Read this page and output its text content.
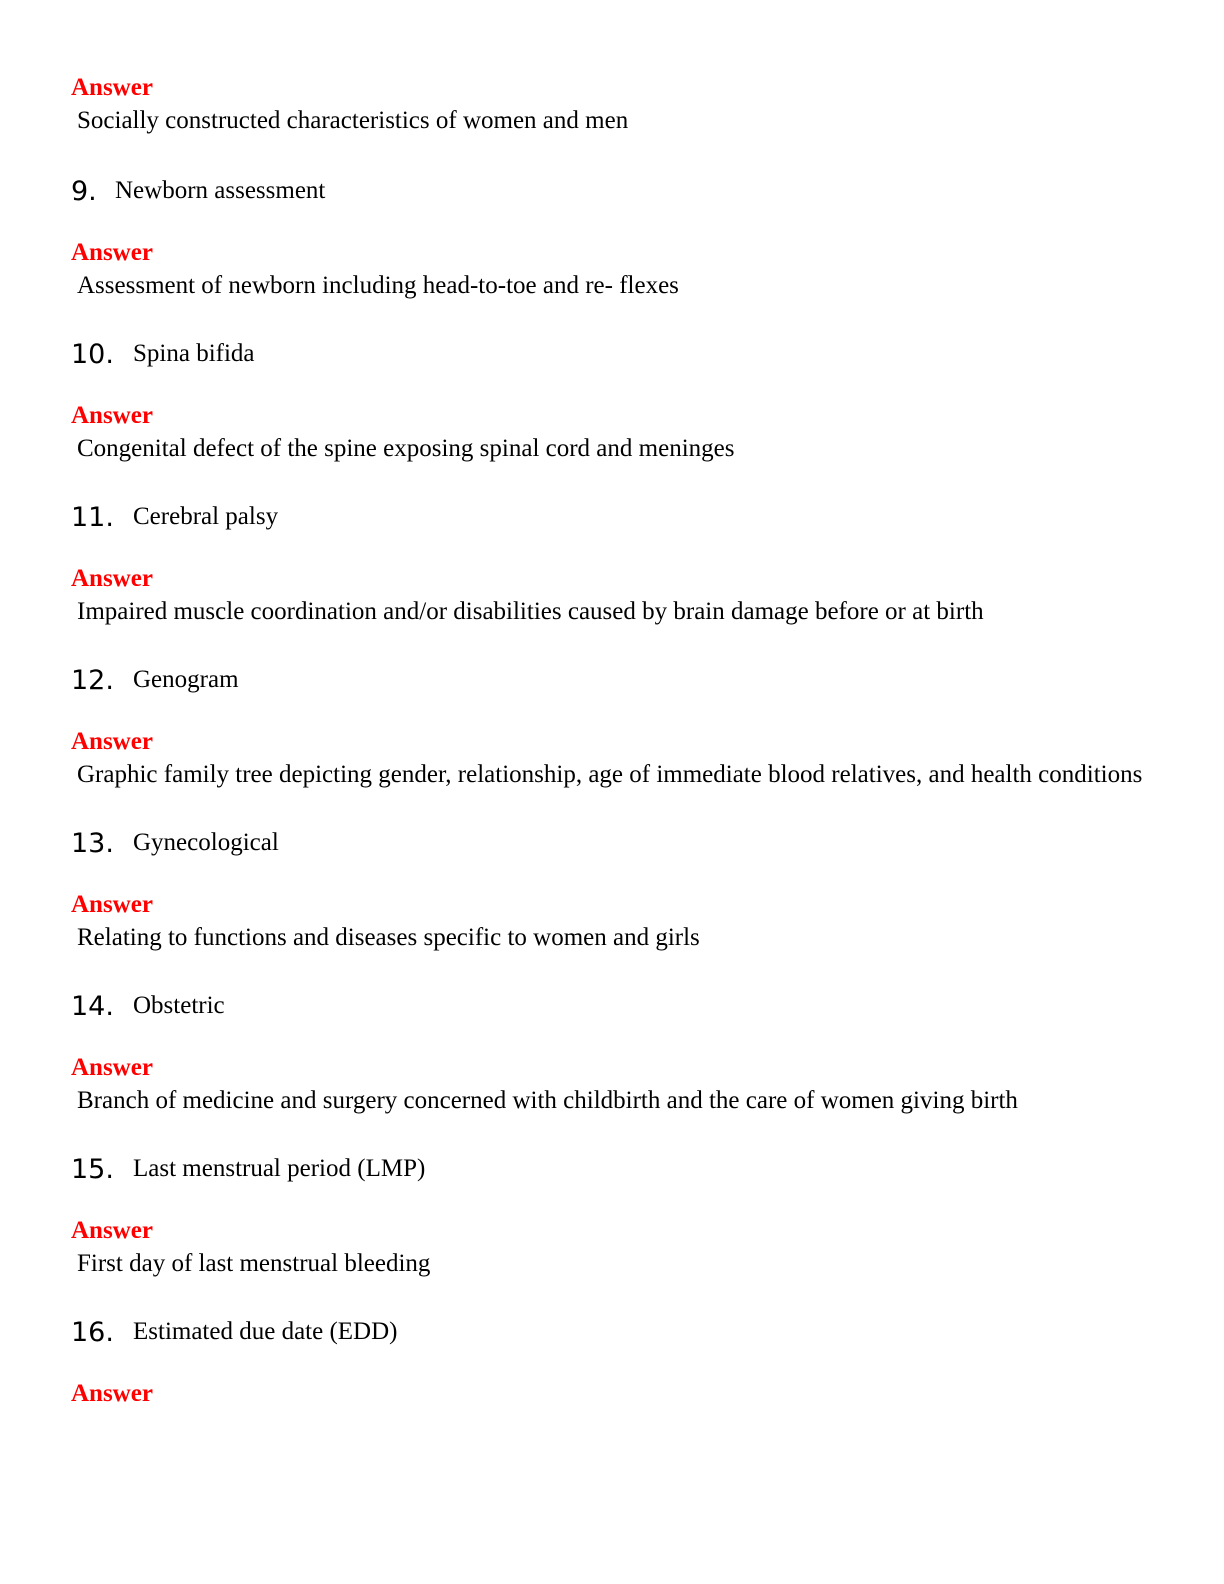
Answer
Socially constructed characteristics of women and men
9. Newborn assessment
Answer
Assessment of newborn including head-to-toe and re- flexes
10. Spina bifida
Answer
Congenital defect of the spine exposing spinal cord and meninges
11. Cerebral palsy
Answer
Impaired muscle coordination and/or disabilities caused by brain damage before or at birth
12. Genogram
Answer
Graphic family tree depicting gender, relationship, age of immediate blood relatives, and health conditions
13. Gynecological
Answer
Relating to functions and diseases specific to women and girls
14. Obstetric
Answer
Branch of medicine and surgery concerned with childbirth and the care of women giving birth
15. Last menstrual period (LMP)
Answer
First day of last menstrual bleeding
16. Estimated due date (EDD)
Answer
